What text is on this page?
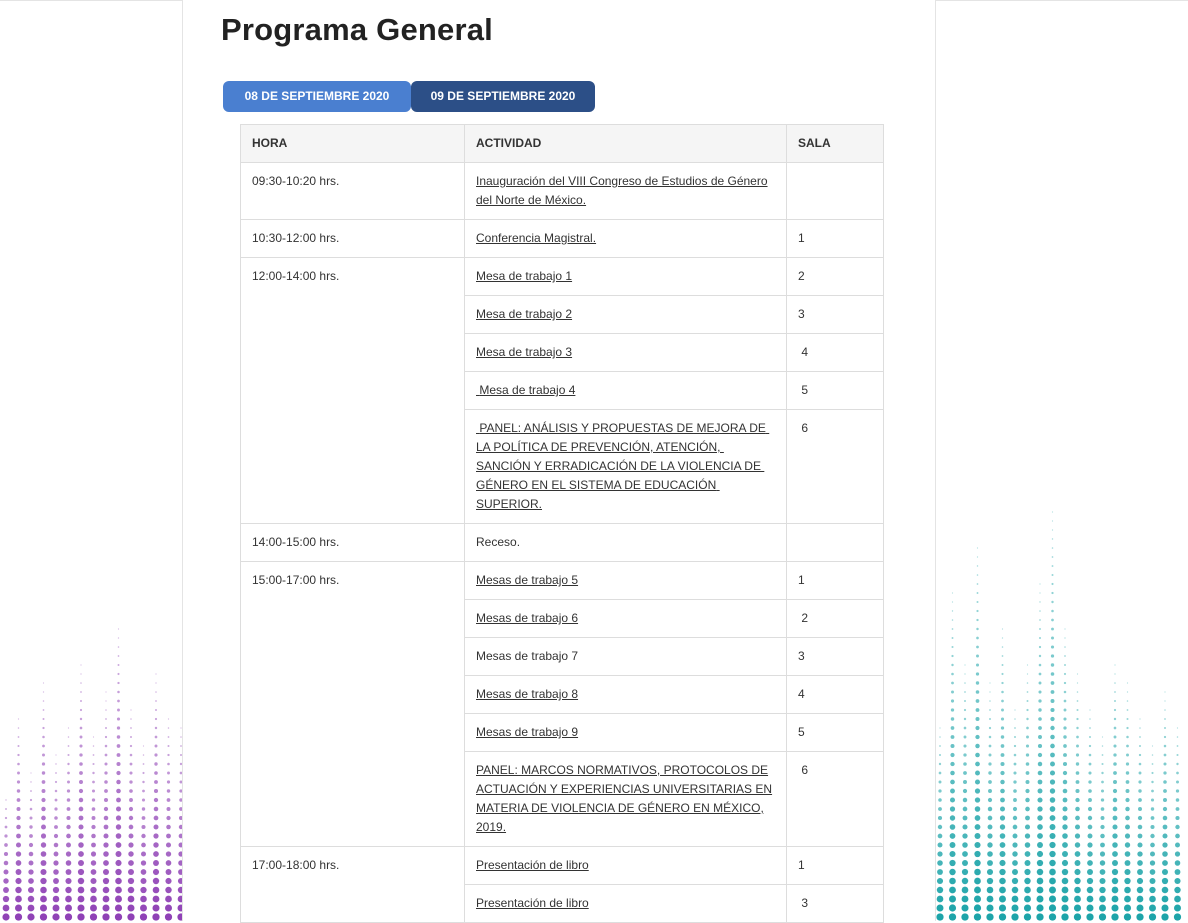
Programa General
08 DE SEPTIEMBRE 2020	09 DE SEPTIEMBRE 2020
HORA	ACTIVIDAD	SALA
09:30-10:20 hrs.	Inauguración del VIII Congreso de Estudios de Género del Norte de México.	
10:30-12:00 hrs.	Conferencia Magistral.	1
12:00-14:00 hrs.	Mesa de trabajo 1	2
	Mesa de trabajo 2	3
	Mesa de trabajo 3	4
	Mesa de trabajo 4	5
	PANEL: ANÁLISIS Y PROPUESTAS DE MEJORA DE LA POLÍTICA DE PREVENCIÓN, ATENCIÓN, SANCIÓN Y ERRADICACIÓN DE LA VIOLENCIA DE GÉNERO EN EL SISTEMA DE EDUCACIÓN SUPERIOR.	6
14:00-15:00 hrs.	Receso.	
15:00-17:00 hrs.	Mesas de trabajo 5	1
	Mesas de trabajo 6	2
	Mesas de trabajo 7	3
	Mesas de trabajo 8	4
	Mesas de trabajo 9	5
	PANEL: MARCOS NORMATIVOS, PROTOCOLOS DE ACTUACIÓN Y EXPERIENCIAS UNIVERSITARIAS EN MATERIA DE VIOLENCIA DE GÉNERO EN MÉXICO, 2019.	6
17:00-18:00 hrs.	Presentación de libro	1
	Presentación de libro	3
